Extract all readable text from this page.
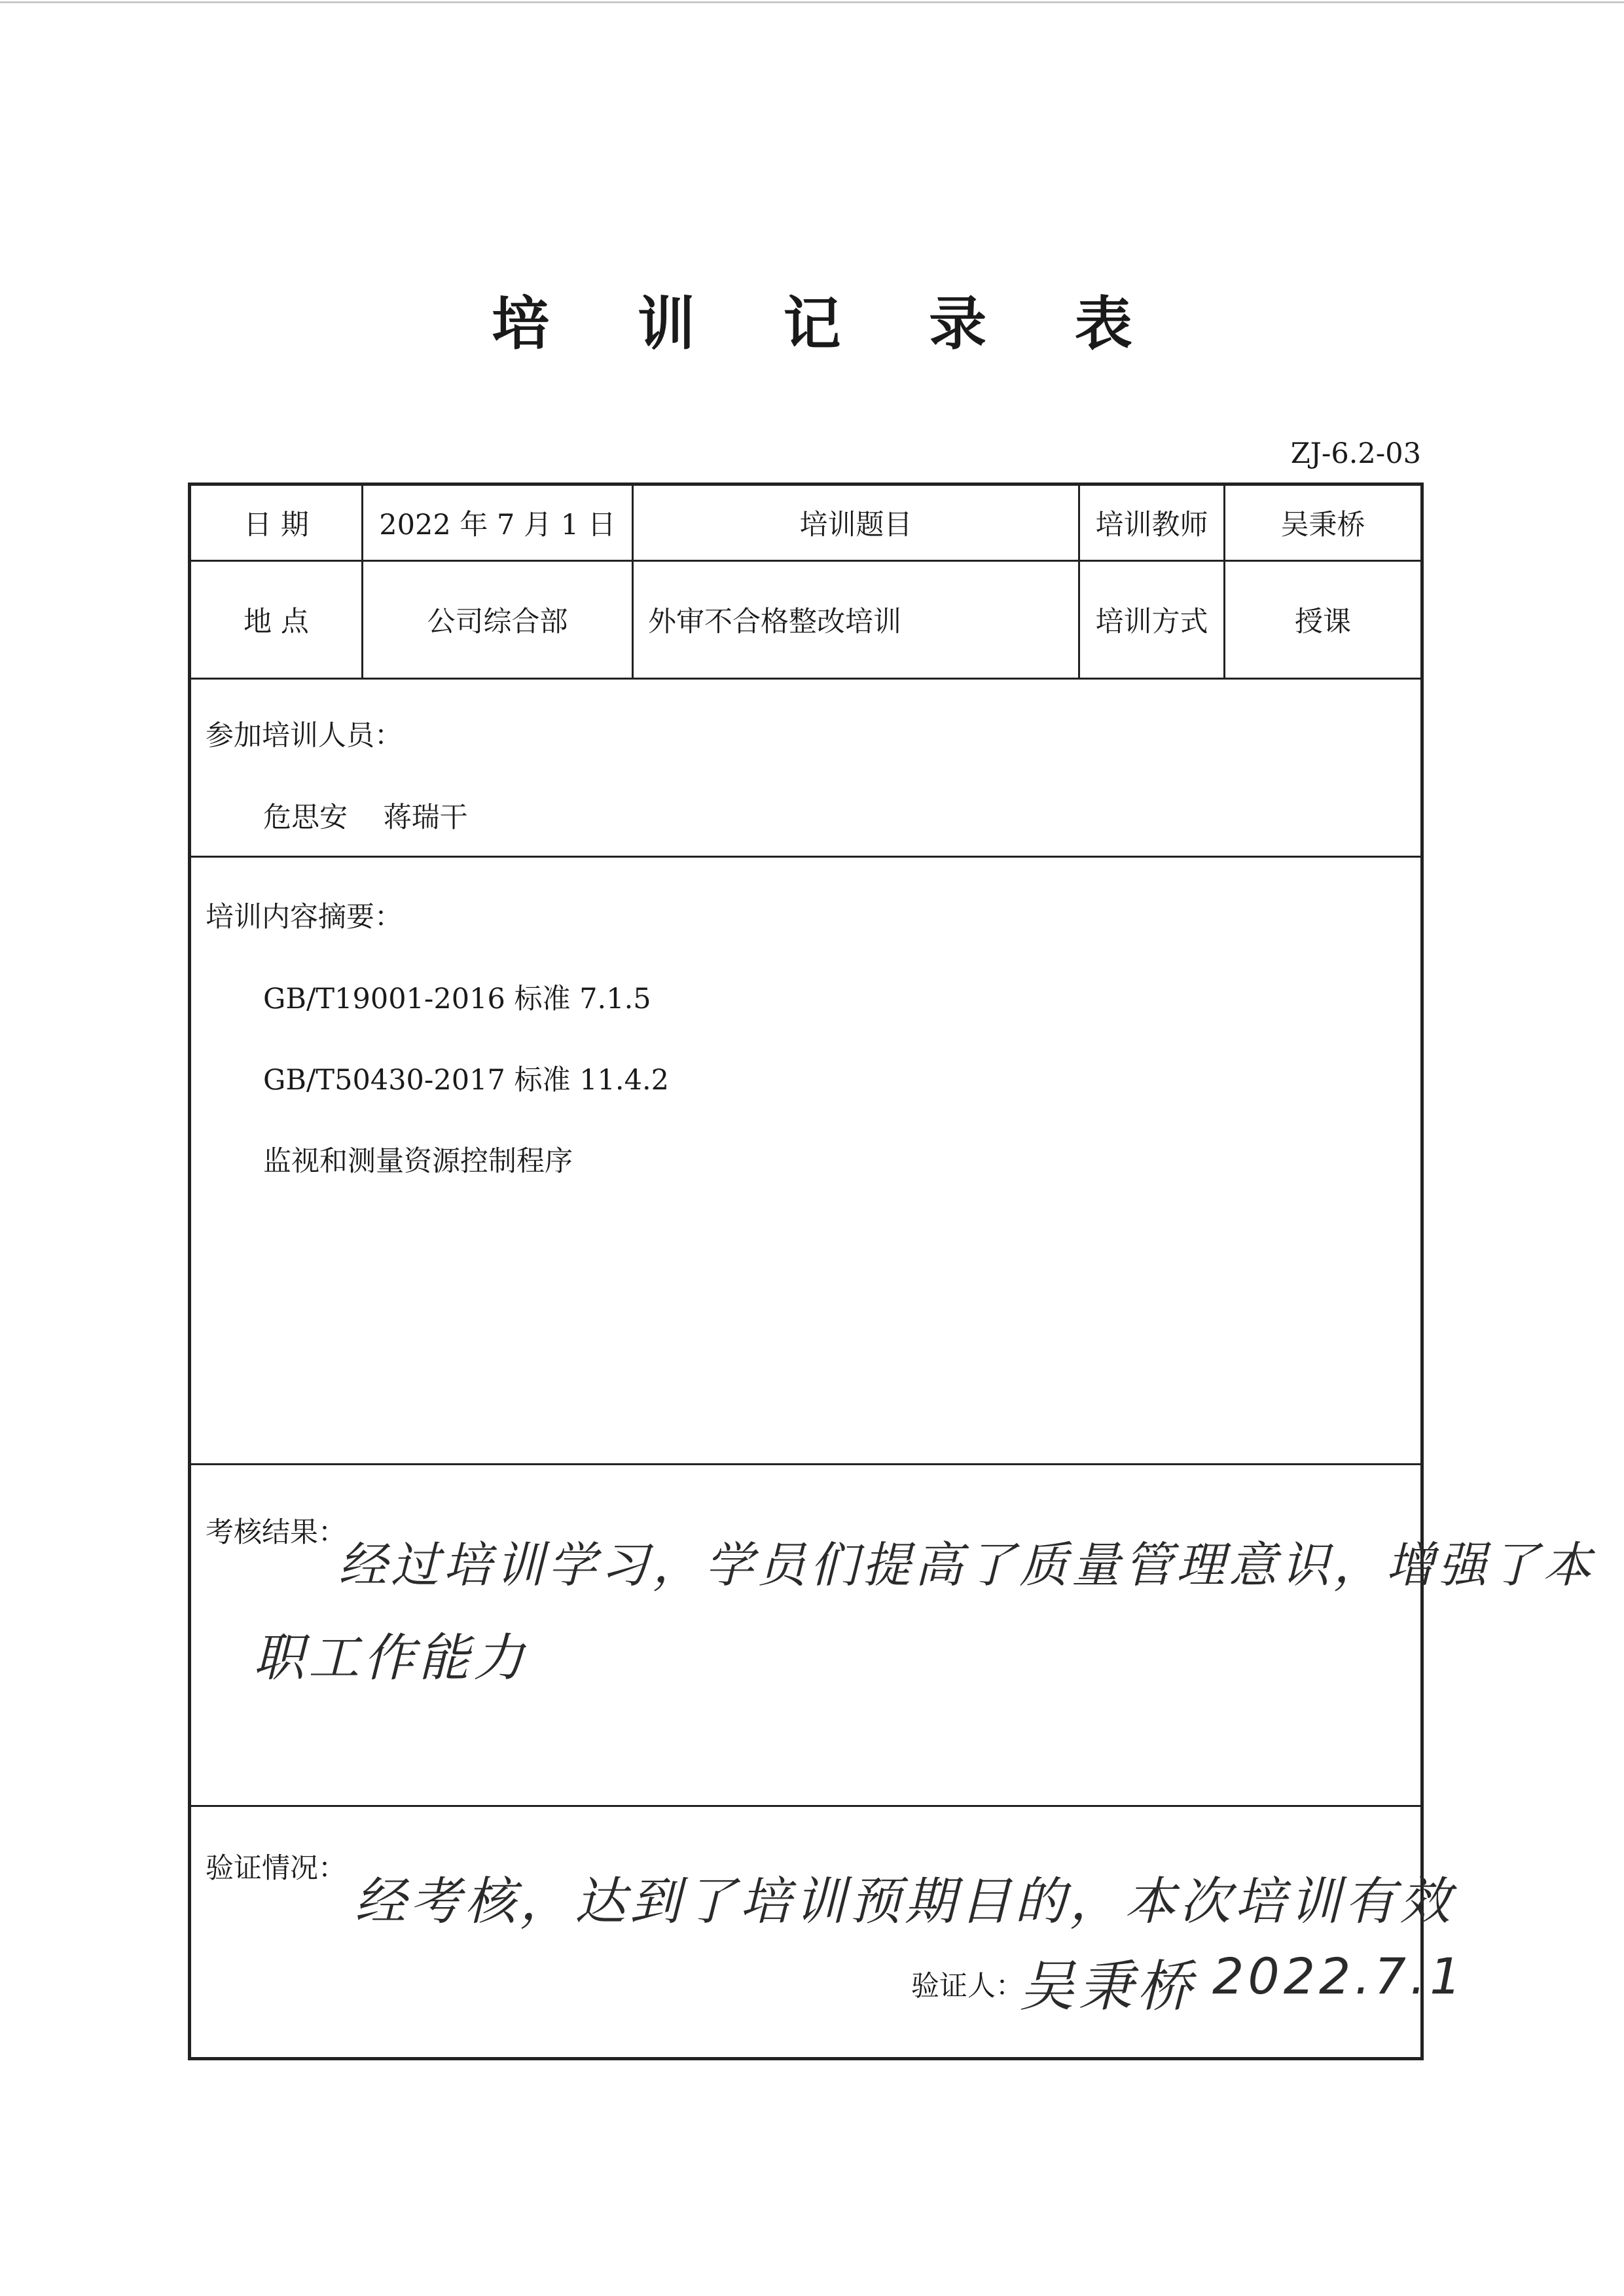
培 训 记 录 表
ZJ-6.2-03
日 期	2022 年 7 月 1 日	培训题目	培训教师	吴秉桥
地 点	公司综合部	外审不合格整改培训	培训方式	授课
参加培训人员：
危思安    蒋瑞干
培训内容摘要：
GB/T19001-2016 标准 7.1.5
GB/T50430-2017 标准 11.4.2
监视和测量资源控制程序
考核结果：
经过培训学习，学员们提高了质量管理意识，增强了本
职工作能力
验证情况：
经考核，达到了培训预期目的，本次培训有效
验证人：
吴秉桥 2022.7.1
